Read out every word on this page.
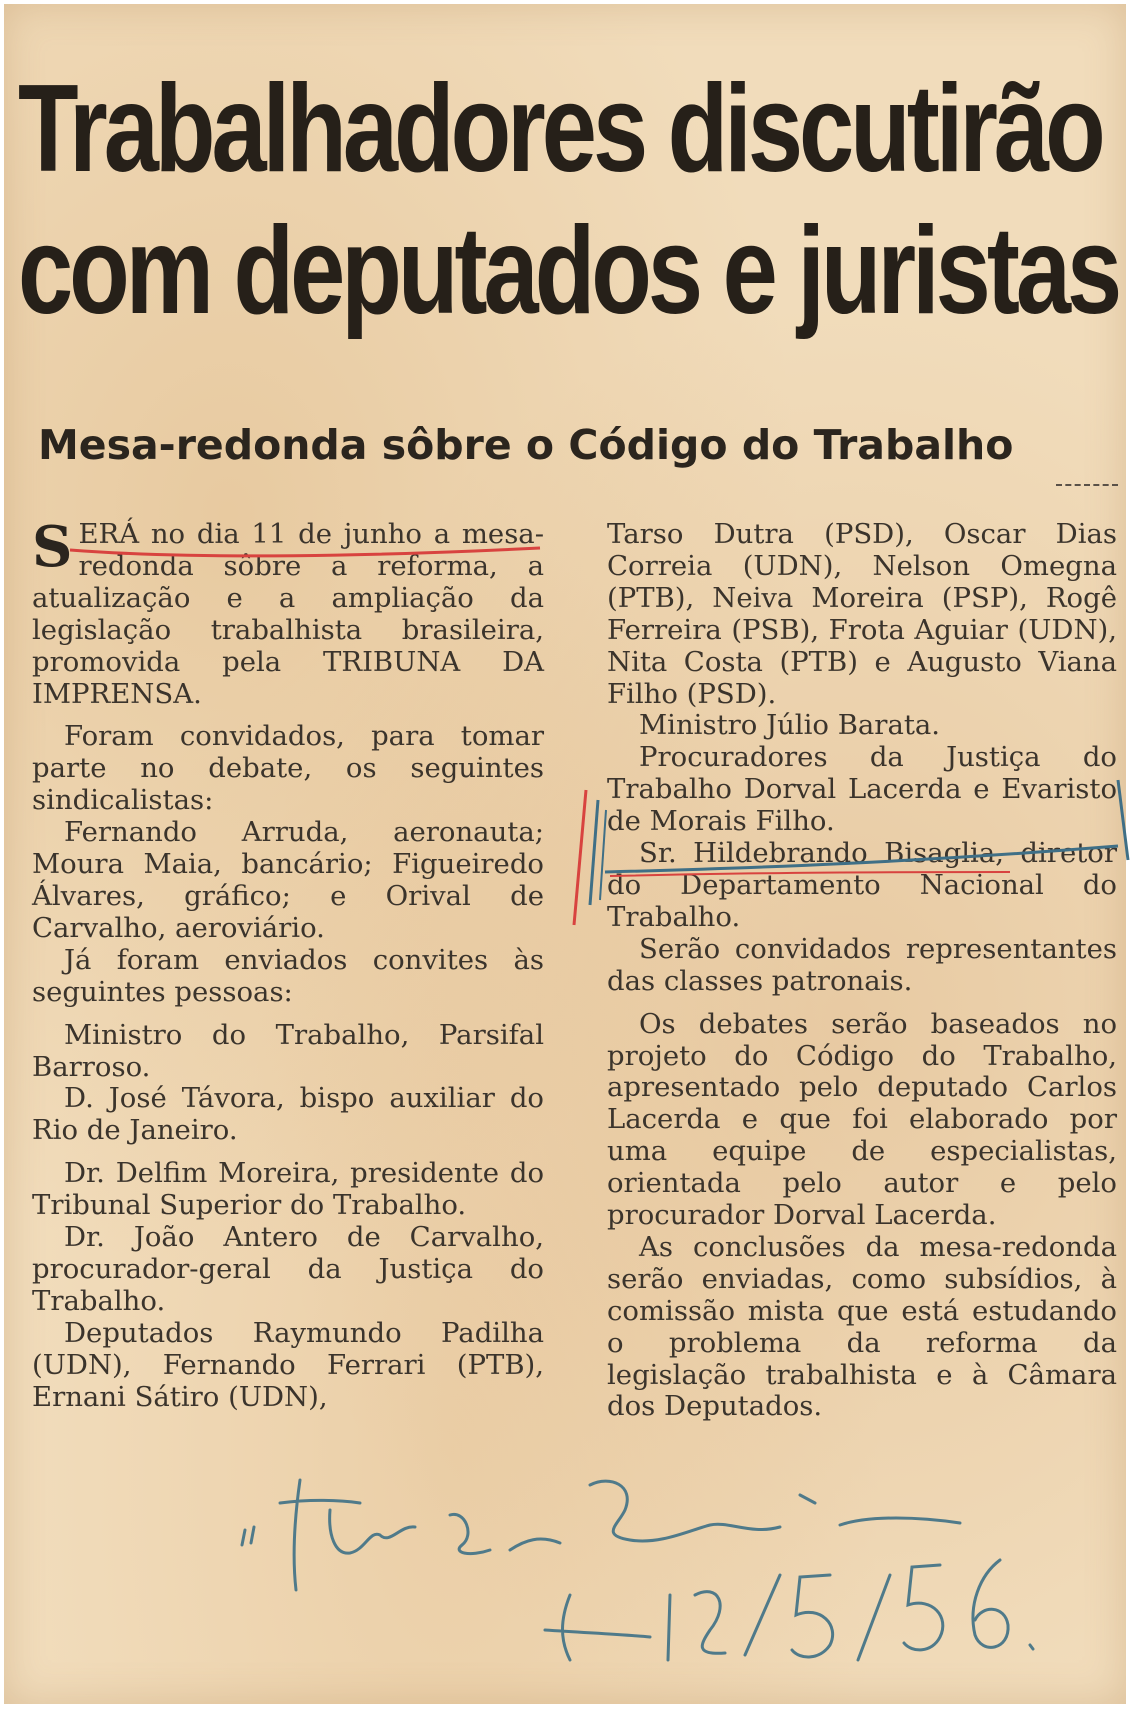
Trabalhadores discutirão
com deputados e juristas
Mesa-redonda sôbre o Código do Trabalho

SERÁ no dia 11 de junho a mesa-redonda sôbre a reforma, a atualização e a ampliação da legislação trabalhista brasileira, promovida pela TRIBUNA DA IMPRENSA.

Foram convidados, para tomar parte no debate, os seguintes sindicalistas:

Fernando Arruda, aeronauta; Moura Maia, bancário; Figueiredo Álvares, gráfico; e Orival de Carvalho, aeroviário.

Já foram enviados convites às seguintes pessoas:

Ministro do Trabalho, Parsifal Barroso.

D. José Távora, bispo auxiliar do Rio de Janeiro.

Dr. Delfim Moreira, presidente do Tribunal Superior do Trabalho.

Dr. João Antero de Carvalho, procurador-geral da Justiça do Trabalho.

Deputados Raymundo Padilha (UDN), Fernando Ferrari (PTB), Ernani Sátiro (UDN),

Tarso Dutra (PSD), Oscar Dias Correia (UDN), Nelson Omegna (PTB), Neiva Moreira (PSP), Rogê Ferreira (PSB), Frota Aguiar (UDN), Nita Costa (PTB) e Augusto Viana Filho (PSD).

Ministro Júlio Barata.

Procuradores da Justiça do Trabalho Dorval Lacerda e Evaristo de Morais Filho.

Sr. Hildebrando Bisaglia, diretor do Departamento Nacional do Trabalho.

Serão convidados representantes das classes patronais.

Os debates serão baseados no projeto do Código do Trabalho, apresentado pelo deputado Carlos Lacerda e que foi elaborado por uma equipe de especialistas, orientada pelo autor e pelo procurador Dorval Lacerda.

As conclusões da mesa-redonda serão enviadas, como subsídios, à comissão mista que está estudando o problema da reforma da legislação trabalhista e à Câmara dos Deputados.
